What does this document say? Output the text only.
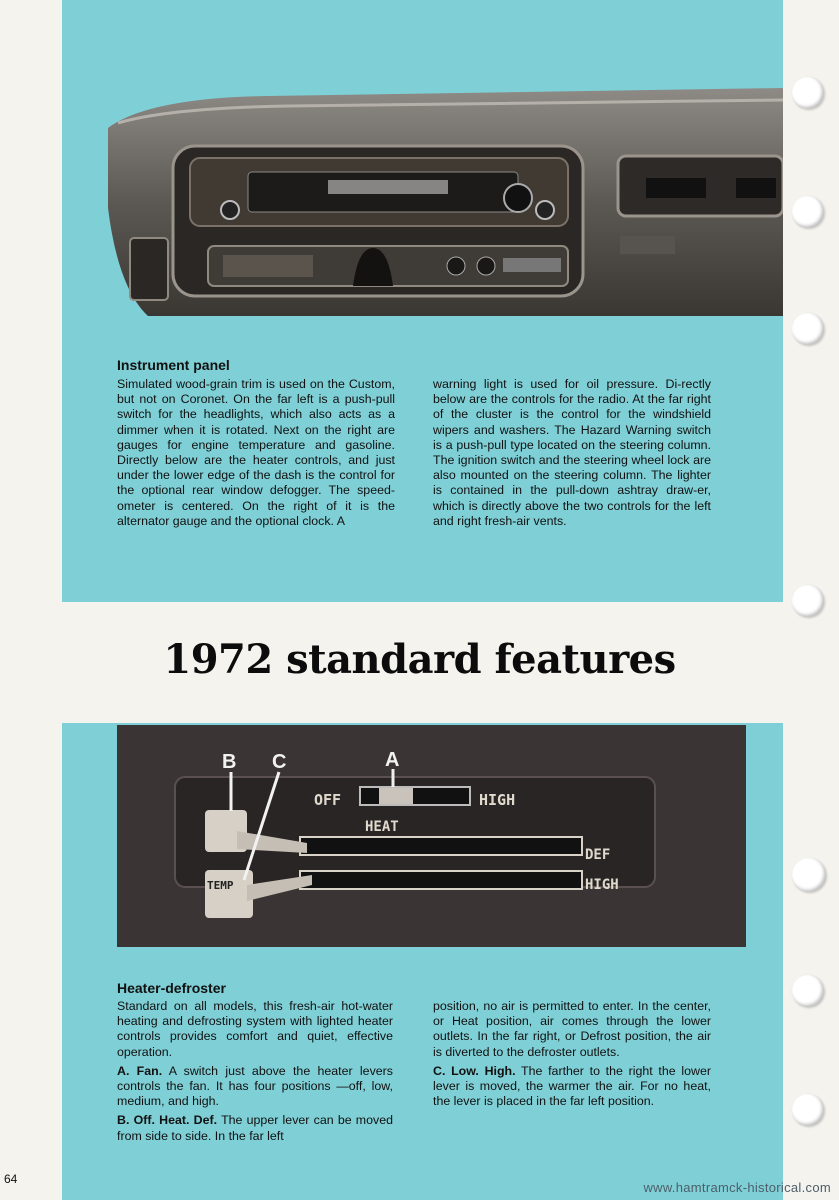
Instrument panel

Simulated wood-grain trim is used on the Custom, but not on Coronet. On the far left is a push-pull switch for the headlights, which also acts as a dimmer when it is rotated. Next on the right are gauges for engine temperature and gasoline. Directly below are the heater controls, and just under the lower edge of the dash is the control for the optional rear window defogger. The speed-ometer is centered. On the right of it is the alternator gauge and the optional clock. A

warning light is used for oil pressure. Di-rectly below are the controls for the radio. At the far right of the cluster is the control for the windshield wipers and washers. The Hazard Warning switch is a push-pull type located on the steering column. The ignition switch and the steering wheel lock are also mounted on the steering column. The lighter is contained in the pull-down ashtray draw-er, which is directly above the two controls for the left and right fresh-air vents.

1972 standard features
B C	A
OFF	HIGH
HEAT
DEF
HIGH
TEMP
Heater-defroster

Standard on all models, this fresh-air hot-water heating and defrosting system with lighted heater controls provides comfort and quiet, effective operation.

A. Fan. A switch just above the heater levers controls the fan. It has four positions —off, low, medium, and high.

B. Off. Heat. Def. The upper lever can be moved from side to side. In the far left

position, no air is permitted to enter. In the center, or Heat position, air comes through the lower outlets. In the far right, or Defrost position, the air is diverted to the defroster outlets.

C. Low. High. The farther to the right the lower lever is moved, the warmer the air. For no heat, the lever is placed in the far left position.

64

www.hamtramck-historical.com
